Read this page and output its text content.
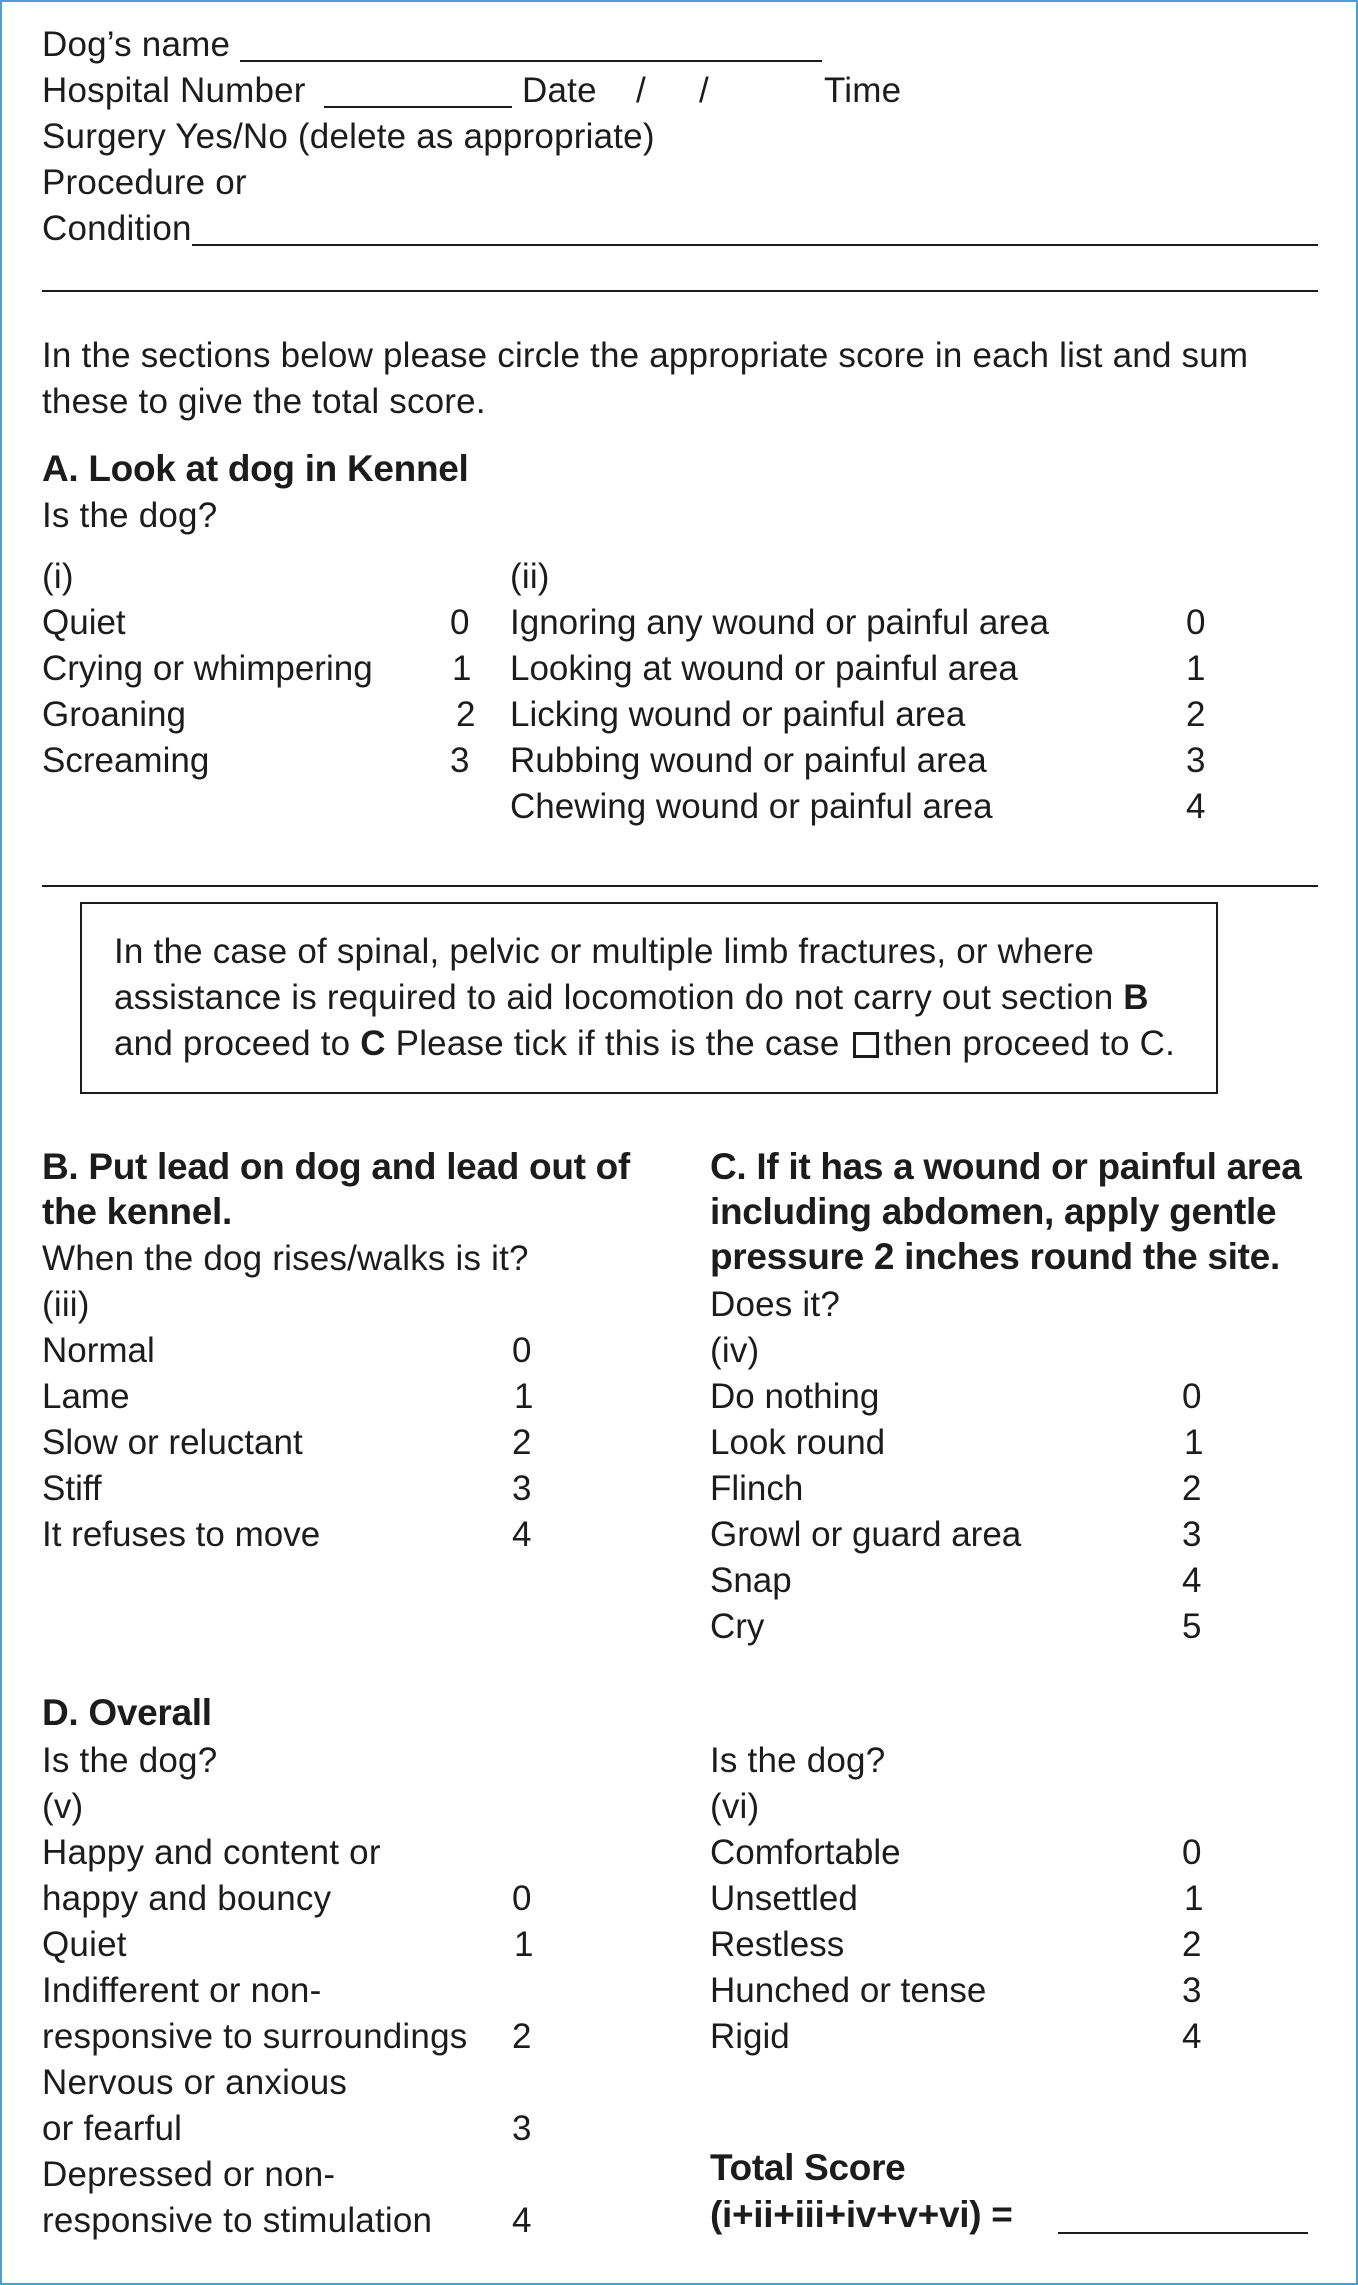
Dog’s name
Hospital Number	Date / /	Time
Surgery Yes/No (delete as appropriate)
Procedure or
Condition
In the sections below please circle the appropriate score in each list and sum
these to give the total score.
A. Look at dog in Kennel
Is the dog?
(i)
Quiet	0
Crying or whimpering 1
Groaning	2
Screaming	3
(ii)
Ignoring any wound or painful area	0
Looking at wound or painful area	1
Licking wound or painful area	2
Rubbing wound or painful area	3
Chewing wound or painful area	4
In the case of spinal, pelvic or multiple limb fractures, or where
assistance is required to aid locomotion do not carry out section B
and proceed to C Please tick if this is the case then proceed to C.
B. Put lead on dog and lead out of
the kennel.
When the dog rises/walks is it?
(iii)
Normal	0
Lame	1
Slow or reluctant	2
Stiff	3
It refuses to move	4
C. If it has a wound or painful area
including abdomen, apply gentle
pressure 2 inches round the site.
Does it?
(iv)
Do nothing	0
Look round	1
Flinch	2
Growl or guard area	3
Snap	4
Cry	5
D. Overall
Is the dog?
(v)
Happy and content or
happy and bouncy	0
Quiet	1
Indifferent or non-
responsive to surroundings 2
Nervous or anxious
or fearful	3
Depressed or non-
responsive to stimulation 4
Is the dog?
(vi)
Comfortable	0
Unsettled	1
Restless	2
Hunched or tense	3
Rigid	4
Total Score
(i+ii+iii+iv+v+vi) =
